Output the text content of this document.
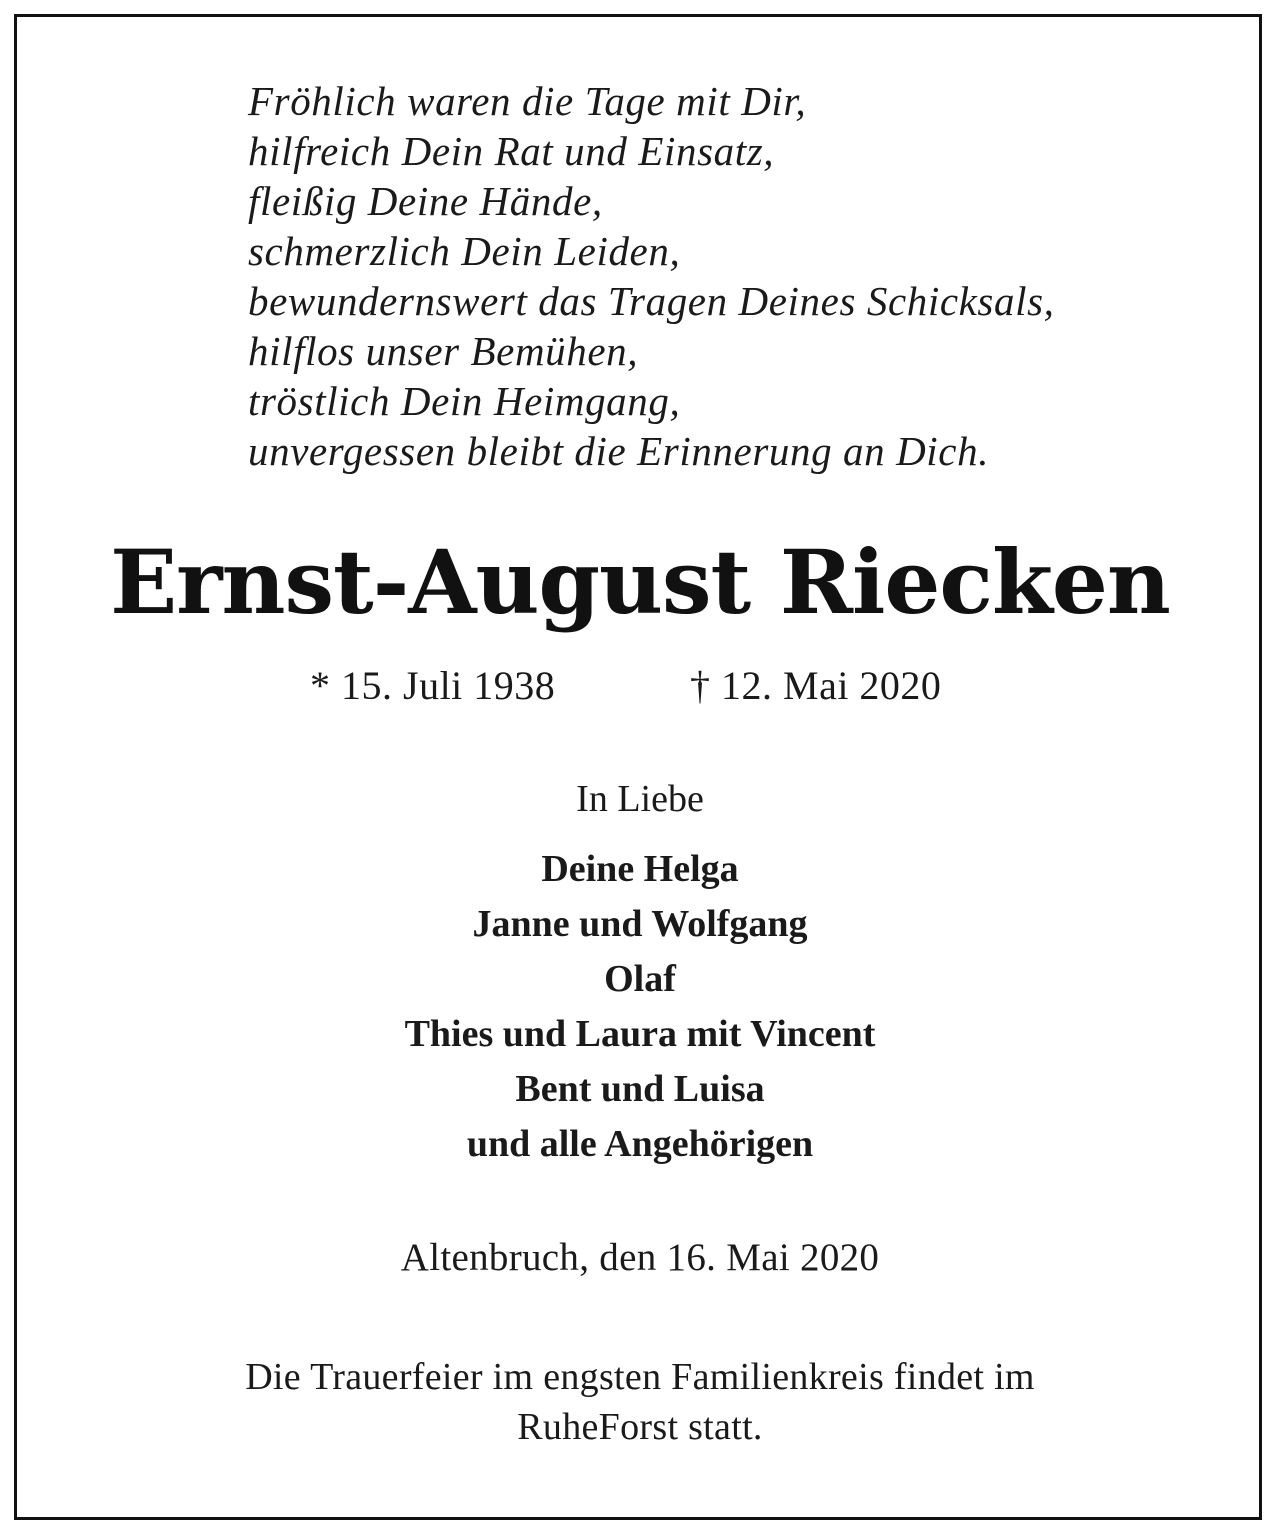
Fröhlich waren die Tage mit Dir,
hilfreich Dein Rat und Einsatz,
fleißig Deine Hände,
schmerzlich Dein Leiden,
bewundernswert das Tragen Deines Schicksals,
hilflos unser Bemühen,
tröstlich Dein Heimgang,
unvergessen bleibt die Erinnerung an Dich.
Ernst-August Riecken
* 15. Juli 1938	† 12. Mai 2020
In Liebe
Deine Helga
Janne und Wolfgang
Olaf
Thies und Laura mit Vincent
Bent und Luisa
und alle Angehörigen
Altenbruch, den 16. Mai 2020
Die Trauerfeier im engsten Familienkreis findet im
RuheForst statt.
